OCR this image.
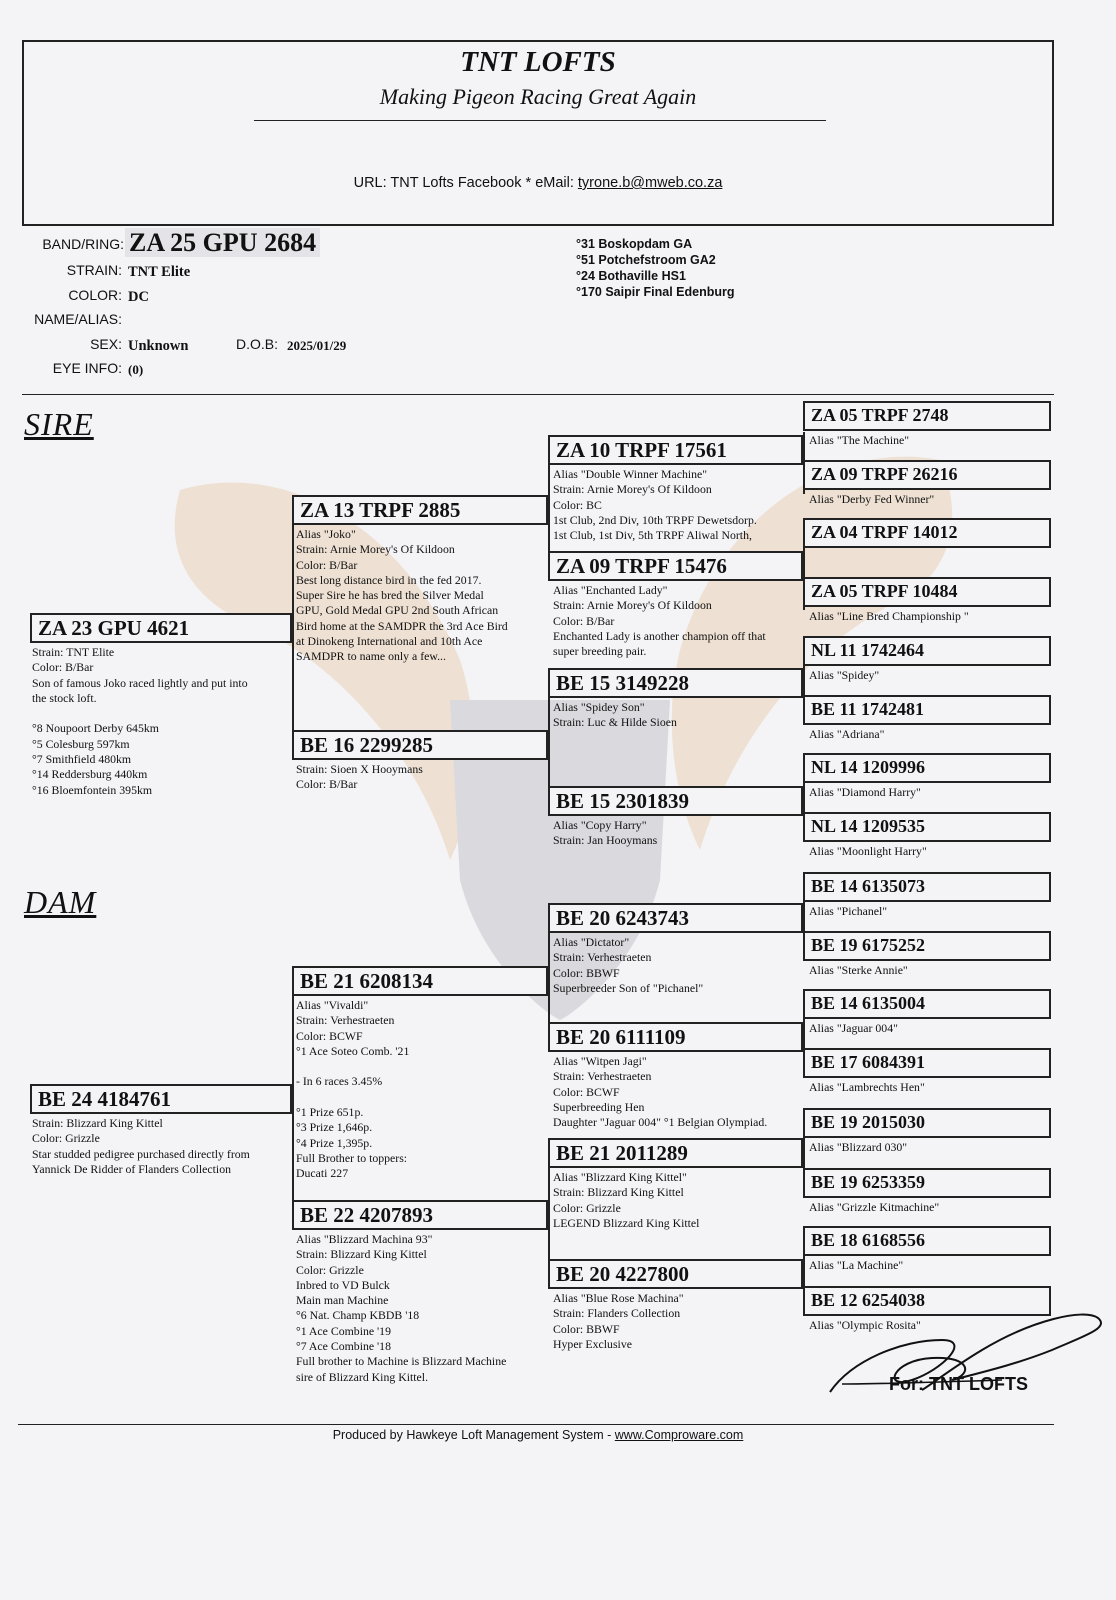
TNT LOFTS
Making Pigeon Racing Great Again
URL: TNT Lofts Facebook * eMail: tyrone.b@mweb.co.za
BAND/RING: ZA 25 GPU 2684
STRAIN: TNT Elite
COLOR: DC
NAME/ALIAS:
SEX: Unknown	D.O.B: 2025/01/29
EYE INFO: (0)
°31 Boskopdam GA
°51 Potchefstroom GA2
°24 Bothaville HS1
°170 Saipir Final Edenburg
SIRE
DAM
ZA 23 GPU 4621
Strain: TNT Elite
Color: B/Bar
Son of famous Joko raced lightly and put into
the stock loft.

°8 Noupoort Derby 645km
°5 Colesburg 597km
°7 Smithfield 480km
°14 Reddersburg 440km
°16 Bloemfontein 395km
BE 24 4184761
Strain: Blizzard King Kittel
Color: Grizzle
Star studded pedigree purchased directly from
Yannick De Ridder of Flanders Collection
ZA 13 TRPF 2885
Alias "Joko"
Strain: Arnie Morey's Of Kildoon
Color: B/Bar
Best long distance bird in the fed 2017.
Super Sire he has bred the Silver Medal
GPU, Gold Medal GPU 2nd South African
Bird home at the SAMDPR the 3rd Ace Bird
at Dinokeng International and 10th Ace
SAMDPR to name only a few...
BE 16 2299285
Strain: Sioen X Hooymans
Color: B/Bar
BE 21 6208134
Alias "Vivaldi"
Strain: Verhestraeten
Color: BCWF
°1 Ace Soteo Comb. '21

- In 6 races 3.45%

°1 Prize 651p.
°3 Prize 1,646p.
°4 Prize 1,395p.
Full Brother to toppers:
Ducati 227
BE 22 4207893
Alias "Blizzard Machina 93"
Strain: Blizzard King Kittel
Color: Grizzle
Inbred to VD Bulck
Main man Machine
°6 Nat. Champ KBDB '18
°1 Ace Combine '19
°7 Ace Combine '18
Full brother to Machine is Blizzard Machine
sire of Blizzard King Kittel.
ZA 10 TRPF 17561
Alias "Double Winner Machine"
Strain: Arnie Morey's Of Kildoon
Color: BC
1st Club, 2nd Div, 10th TRPF Dewetsdorp.
1st Club, 1st Div, 5th TRPF Aliwal North,
ZA 09 TRPF 15476
Alias "Enchanted Lady"
Strain: Arnie Morey's Of Kildoon
Color: B/Bar
Enchanted Lady is another champion off that
super breeding pair.
BE 15 3149228
Alias "Spidey Son"
Strain: Luc & Hilde Sioen
BE 15 2301839
Alias "Copy Harry"
Strain: Jan Hooymans
BE 20 6243743
Alias "Dictator"
Strain: Verhestraeten
Color: BBWF
Superbreeder Son of "Pichanel"
BE 20 6111109
Alias "Witpen Jagi"
Strain: Verhestraeten
Color: BCWF
Superbreeding Hen
Daughter "Jaguar 004" °1 Belgian Olympiad.
BE 21 2011289
Alias "Blizzard King Kittel"
Strain: Blizzard King Kittel
Color: Grizzle
LEGEND Blizzard King Kittel
BE 20 4227800
Alias "Blue Rose Machina"
Strain: Flanders Collection
Color: BBWF
Hyper Exclusive
ZA 05 TRPF 2748
Alias "The Machine"
ZA 09 TRPF 26216
Alias "Derby Fed Winner"
ZA 04 TRPF 14012
ZA 05 TRPF 10484
Alias "Line Bred Championship "
NL 11 1742464
Alias "Spidey"
BE 11 1742481
Alias "Adriana"
NL 14 1209996
Alias "Diamond Harry"
NL 14 1209535
Alias "Moonlight Harry"
BE 14 6135073
Alias "Pichanel"
BE 19 6175252
Alias "Sterke Annie"
BE 14 6135004
Alias "Jaguar 004"
BE 17 6084391
Alias "Lambrechts Hen"
BE 19 2015030
Alias "Blizzard 030"
BE 19 6253359
Alias "Grizzle Kitmachine"
BE 18 6168556
Alias "La Machine"
BE 12 6254038
Alias "Olympic Rosita"
For: TNT LOFTS
Produced by Hawkeye Loft Management System - www.Comproware.com
